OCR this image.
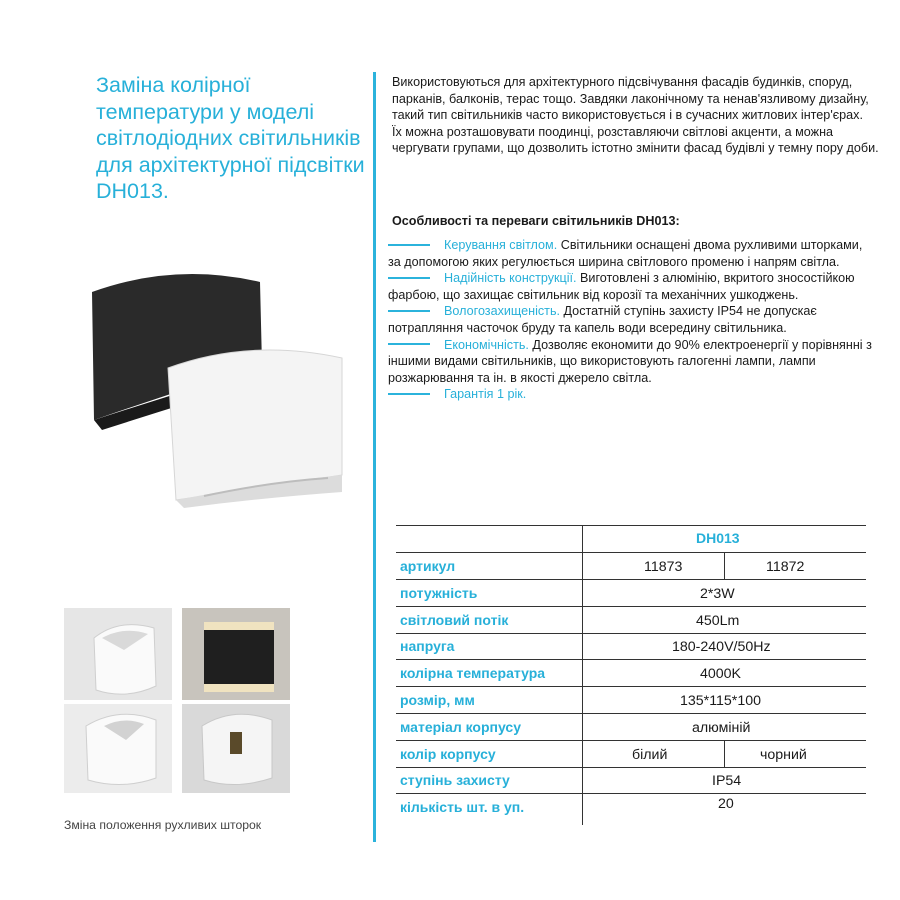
Заміна колірної температури у моделі світлодіодних світильників для архітектурної підсвітки DH013.

Використовуються для архітектурного підсвічування фасадів будинків, споруд, парканів, балконів, терас тощо. Завдяки лаконічному та ненав'язливому дизайну, такий тип світильників часто використовується і в сучасних житлових інтер'єрах.

Їх можна розташовувати поодинці, розставляючи світлові акценти, а можна чергувати групами, що дозволить істотно змінити фасад будівлі у темну пору доби.

Особливості та переваги світильників DH013:
Керування світлом. Світильники оснащені двома рухливими шторками, за допомогою яких регулюється ширина світлового променю і напрям світла.
Надійність конструкції. Виготовлені з алюмінію, вкритого зносостійкою фарбою, що захищає світильник від корозії та механічних ушкоджень.
Вологозахищеність. Достатній ступінь захисту IP54 не допускає потрапляння часточок бруду та капель води всередину світильника.
Економічність. Дозволяє економити до 90% електроенергії у порівнянні з іншими видами світильників, що використовують галогенні лампи, лампи розжарювання та ін. в якості джерело світла.
Гарантія 1 рік.
Зміна положення рухливих шторок
DH013
артикул	11873	11872
потужність	2*3W
світловий потік	450Lm
напруга	180-240V/50Hz
колірна температура	4000K
розмір, мм	135*115*100
матеріал корпусу	алюміній
колір корпусу	білий	чорний
ступінь захисту	IP54
кількість шт. в уп.	20
